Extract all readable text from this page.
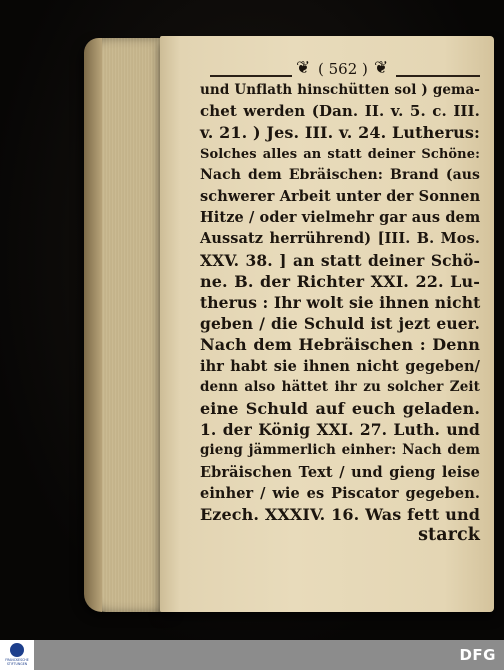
❦ ( 562 ) ❦
und Unflath hinschütten sol ) gema-
chet werden (Dan. II. v. 5. c. III.
v. 21. ) Jes. III. v. 24. Lutherus:
Solches alles an statt deiner Schöne:
Nach dem Ebräischen: Brand (aus
schwerer Arbeit unter der Sonnen
Hitze / oder vielmehr gar aus dem
Aussatz herrührend) [III. B. Mos.
XXV. 38. ] an statt deiner Schö-
ne. B. der Richter XXI. 22. Lu-
therus : Ihr wolt sie ihnen nicht
geben / die Schuld ist jezt euer.
Nach dem Hebräischen : Denn
ihr habt sie ihnen nicht gegeben/
denn also hättet ihr zu solcher Zeit
eine Schuld auf euch geladen.
1. der König XXI. 27. Luth. und
gieng jämmerlich einher: Nach dem
Ebräischen Text / und gieng leise
einher / wie es Piscator gegeben.
Ezech. XXXIV. 16. Was fett und
starck
FRANCKESCHE STIFTUNGEN	DFG
